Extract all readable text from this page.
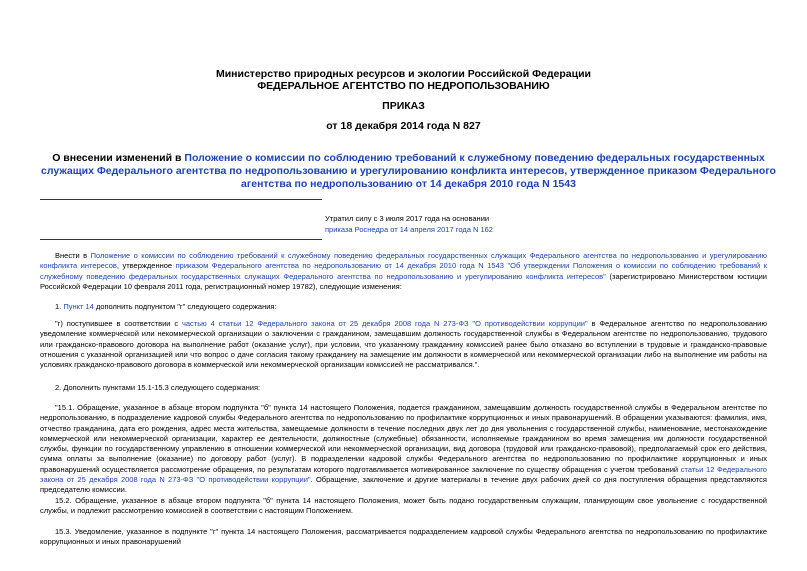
Министерство природных ресурсов и экологии Российской Федерации
ФЕДЕРАЛЬНОЕ АГЕНТСТВО ПО НЕДРОПОЛЬЗОВАНИЮ
ПРИКАЗ
от 18 декабря 2014 года N 827
О внесении изменений в Положение о комиссии по соблюдению требований к служебному поведению федеральных государственных служащих Федерального агентства по недропользованию и урегулированию конфликта интересов, утвержденное приказом Федерального агентства по недропользованию от 14 декабря 2010 года N 1543
Утратил силу с 3 июля 2017 года на основании
приказа Роснедра от 14 апреля 2017 года N 162
Внести в Положение о комиссии по соблюдению требований к служебному поведению федеральных государственных служащих Федерального агентства по недропользованию и урегулированию конфликта интересов, утвержденное приказом Федерального агентства по недропользованию от 14 декабря 2010 года N 1543 "Об утверждении Положения о комиссии по соблюдению требований к служебному поведению федеральных государственных служащих Федерального агентства по недропользованию и урегулированию конфликта интересов" (зарегистрировано Министерством юстиции Российской Федерации 10 февраля 2011 года, регистрационный номер 19782), следующие изменения:
1. Пункт 14 дополнить подпунктом "г" следующего содержания:
"г) поступившее в соответствии с частью 4 статьи 12 Федерального закона от 25 декабря 2008 года N 273-ФЗ "О противодействии коррупции" в Федеральное агентство по недропользованию уведомление коммерческой или некоммерческой организации о заключении с гражданином, замещавшим должность государственной службы в Федеральном агентстве по недропользованию, трудового или гражданско-правового договора на выполнение работ (оказание услуг), при условии, что указанному гражданину комиссией ранее было отказано во вступлении в трудовые и гражданско-правовые отношения с указанной организацией или что вопрос о даче согласия такому гражданину на замещение им должности в коммерческой или некоммерческой организации либо на выполнение им работы на условиях гражданско-правового договора в коммерческой или некоммерческой организации комиссией не рассматривался.".
2. Дополнить пунктами 15.1-15.3 следующего содержания:
"15.1. Обращение, указанное в абзаце втором подпункта "б" пункта 14 настоящего Положения, подается гражданином, замещавшим должность государственной службы в Федеральном агентстве по недропользованию, в подразделение кадровой службы Федерального агентства по недропользованию по профилактике коррупционных и иных правонарушений. В обращении указываются: фамилия, имя, отчество гражданина, дата его рождения, адрес места жительства, замещаемые должности в течение последних двух лет до дня увольнения с государственной службы, наименование, местонахождение коммерческой или некоммерческой организации, характер ее деятельности, должностные (служебные) обязанности, исполняемые гражданином во время замещения им должности государственной службы, функции по государственному управлению в отношении коммерческой или некоммерческой организации, вид договора (трудовой или гражданско-правовой), предполагаемый срок его действия, сумма оплаты за выполнение (оказание) по договору работ (услуг). В подразделении кадровой службы Федерального агентства по недропользованию по профилактике коррупционных и иных правонарушений осуществляется рассмотрение обращения, по результатам которого подготавливается мотивированное заключение по существу обращения с учетом требований статьи 12 Федерального закона от 25 декабря 2008 года N 273-ФЗ "О противодействии коррупции". Обращение, заключение и другие материалы в течение двух рабочих дней со дня поступления обращения представляются председателю комиссии.
15.2. Обращение, указанное в абзаце втором подпункта "б" пункта 14 настоящего Положения, может быть подано государственным служащим, планирующим свое увольнение с государственной службы, и подлежит рассмотрению комиссией в соответствии с настоящим Положением.
15.3. Уведомление, указанное в подпункте "г" пункта 14 настоящего Положения, рассматривается подразделением кадровой службы Федерального агентства по недропользованию по профилактике коррупционных и иных правонарушений
